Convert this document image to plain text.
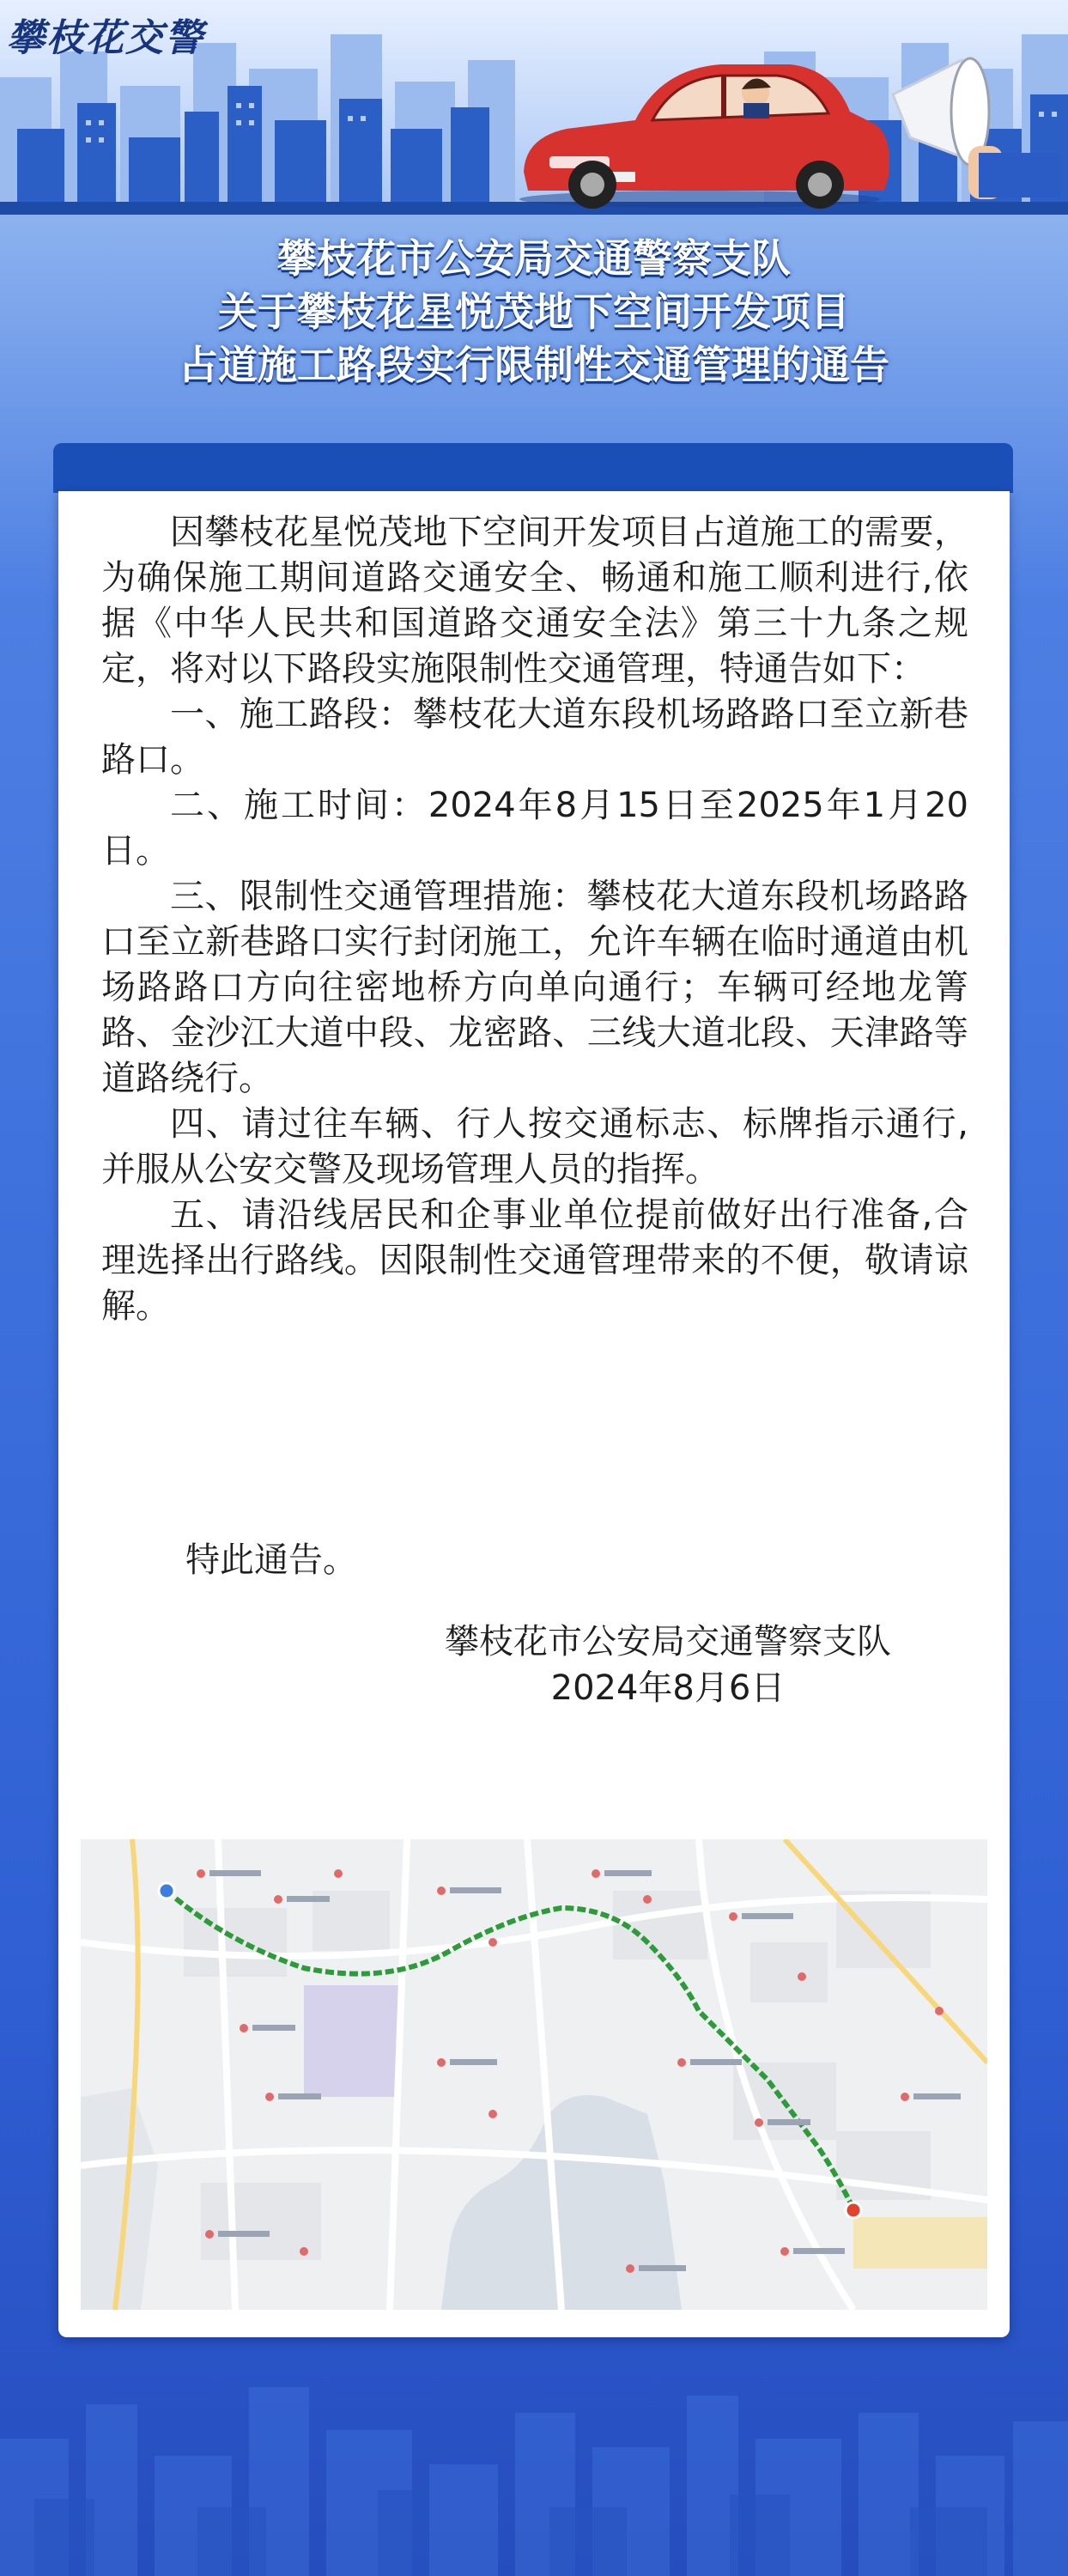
攀枝花交警
攀枝花市公安局交通警察支队
关于攀枝花星悦茂地下空间开发项目
占道施工路段实行限制性交通管理的通告

因攀枝花星悦茂地下空间开发项目占道施工的需要，为确保施工期间道路交通安全、畅通和施工顺利进行,依据《中华人民共和国道路交通安全法》第三十九条之规定，将对以下路段实施限制性交通管理，特通告如下：

一、施工路段：攀枝花大道东段机场路路口至立新巷路口。

二、施工时间：2024年8月15日至2025年1月20日。

三、限制性交通管理措施：攀枝花大道东段机场路路口至立新巷路口实行封闭施工，允许车辆在临时通道由机场路路口方向往密地桥方向单向通行；车辆可经地龙箐路、金沙江大道中段、龙密路、三线大道北段、天津路等道路绕行。

四、请过往车辆、行人按交通标志、标牌指示通行,并服从公安交警及现场管理人员的指挥。

五、请沿线居民和企事业单位提前做好出行准备,合理选择出行路线。因限制性交通管理带来的不便，敬请谅解。

特此通告。
攀枝花市公安局交通警察支队
2024年8月6日
